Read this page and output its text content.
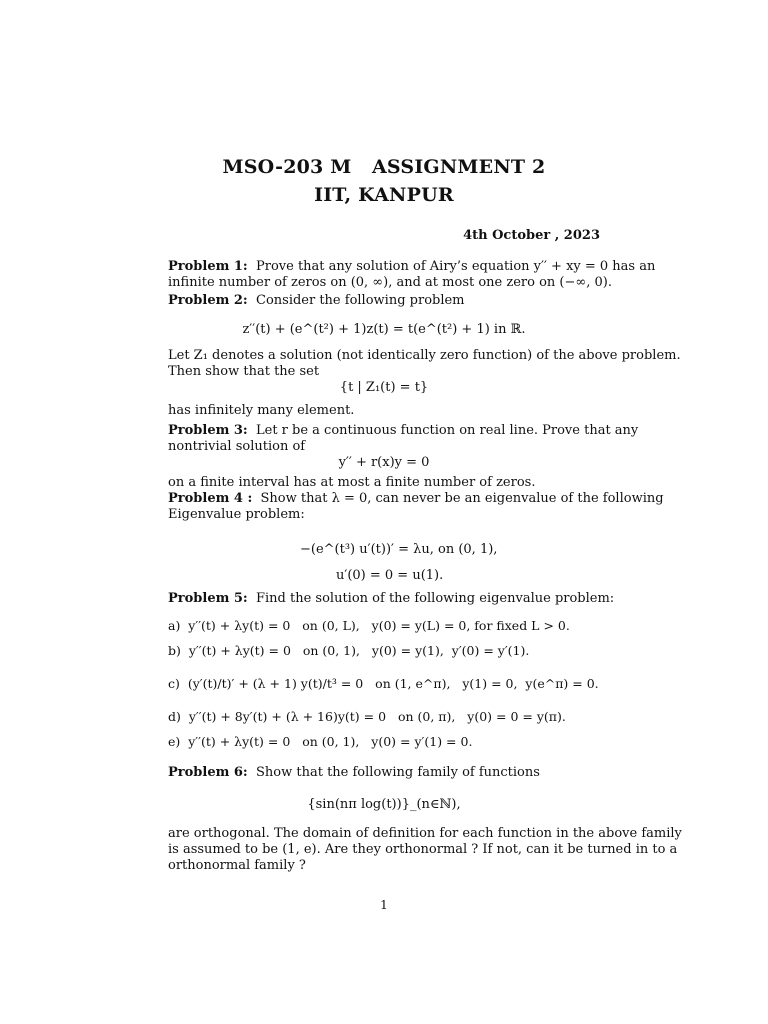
MSO-203 M   ASSIGNMENT 2
IIT, KANPUR
4th October , 2023
Problem 1: Prove that any solution of Airy’s equation y′′ + xy = 0 has an
infinite number of zeros on (0, ∞), and at most one zero on (−∞, 0).
Problem 2: Consider the following problem
z′′(t) + (e^(t²) + 1)z(t) = t(e^(t²) + 1) in ℝ.
Let Z₁ denotes a solution (not identically zero function) of the above problem.
Then show that the set
{t | Z₁(t) = t}
has infinitely many element.
Problem 3: Let r be a continuous function on real line. Prove that any
nontrivial solution of
y′′ + r(x)y = 0
on a finite interval has at most a finite number of zeros.
Problem 4 : Show that λ = 0, can never be an eigenvalue of the following
Eigenvalue problem:
−(e^(t³) u′(t))′ = λu, on (0, 1),
u′(0) = 0 = u(1).
Problem 5: Find the solution of the following eigenvalue problem:
a) y′′(t) + λy(t) = 0   on (0, L),   y(0) = y(L) = 0, for fixed L > 0.
b) y′′(t) + λy(t) = 0   on (0, 1),   y(0) = y(1),  y′(0) = y′(1).
c) (y′(t)/t)′ + (λ + 1) y(t)/t³ = 0   on (1, e^π),   y(1) = 0,  y(e^π) = 0.
d) y′′(t) + 8y′(t) + (λ + 16)y(t) = 0   on (0, π),   y(0) = 0 = y(π).
e) y′′(t) + λy(t) = 0   on (0, 1),   y(0) = y′(1) = 0.
Problem 6: Show that the following family of functions
{sin(nπ log(t))}_(n∈ℕ),
are orthogonal. The domain of definition for each function in the above family
is assumed to be (1, e). Are they orthonormal ? If not, can it be turned in to a
orthonormal family ?
1
